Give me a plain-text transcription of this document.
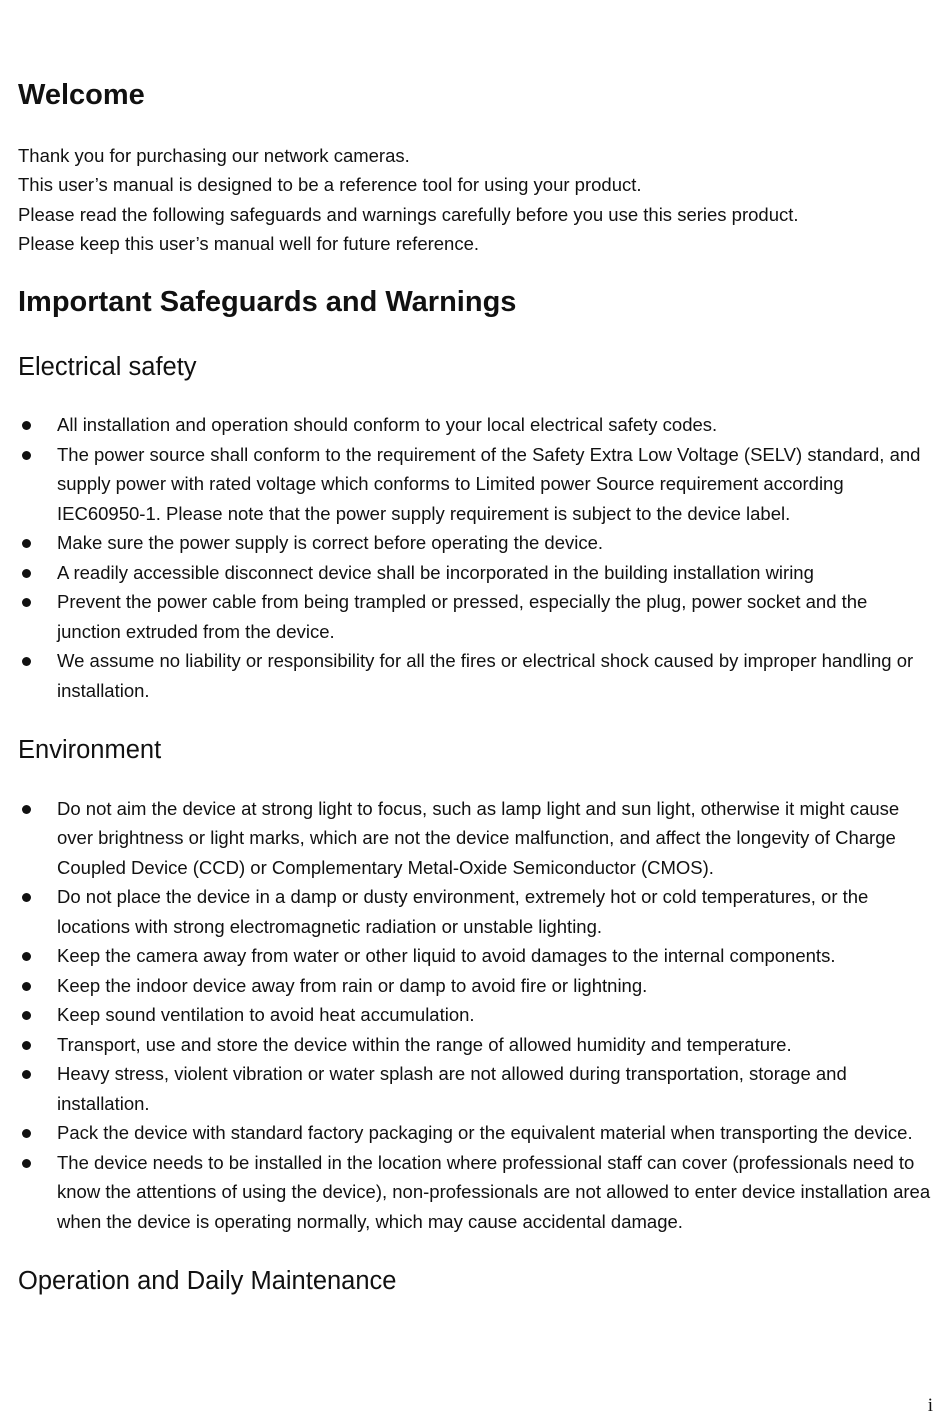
Welcome

Thank you for purchasing our network cameras.

This user’s manual is designed to be a reference tool for using your product.

Please read the following safeguards and warnings carefully before you use this series product.

Please keep this user’s manual well for future reference.

Important Safeguards and Warnings
Electrical safety
All installation and operation should conform to your local electrical safety codes.
The power source shall conform to the requirement of the Safety Extra Low Voltage (SELV) standard, and supply power with rated voltage which conforms to Limited power Source requirement according IEC60950-1. Please note that the power supply requirement is subject to the device label.
Make sure the power supply is correct before operating the device.
A readily accessible disconnect device shall be incorporated in the building installation wiring
Prevent the power cable from being trampled or pressed, especially the plug, power socket and the junction extruded from the device.
We assume no liability or responsibility for all the fires or electrical shock caused by improper handling or installation.
Environment
Do not aim the device at strong light to focus, such as lamp light and sun light, otherwise it might cause over brightness or light marks, which are not the device malfunction, and affect the longevity of Charge Coupled Device (CCD) or Complementary Metal-Oxide Semiconductor (CMOS).
Do not place the device in a damp or dusty environment, extremely hot or cold temperatures, or the locations with strong electromagnetic radiation or unstable lighting.
Keep the camera away from water or other liquid to avoid damages to the internal components.
Keep the indoor device away from rain or damp to avoid fire or lightning.
Keep sound ventilation to avoid heat accumulation.
Transport, use and store the device within the range of allowed humidity and temperature.
Heavy stress, violent vibration or water splash are not allowed during transportation, storage and installation.
Pack the device with standard factory packaging or the equivalent material when transporting the device.
The device needs to be installed in the location where professional staff can cover (professionals need to know the attentions of using the device), non-professionals are not allowed to enter device installation area when the device is operating normally, which may cause accidental damage.
Operation and Daily Maintenance
i
